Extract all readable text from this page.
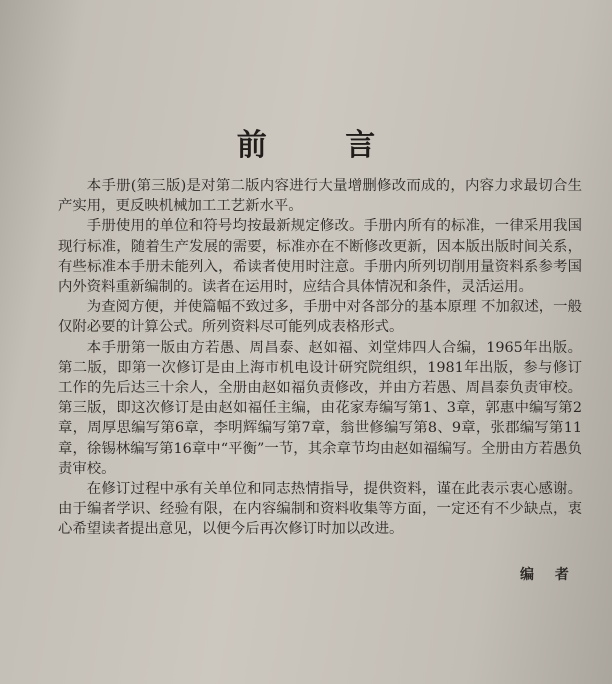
前 言

本手册(第三版)是对第二版内容进行大量增删修改而成的，内容力求最切合生产实用，更反映机械加工工艺新水平。

手册使用的单位和符号均按最新规定修改。手册内所有的标准，一律采用我国现行标准，随着生产发展的需要，标准亦在不断修改更新，因本版出版时间关系，有些标准本手册未能列入，希读者使用时注意。手册内所列切削用量资料系参考国内外资料重新编制的。读者在运用时，应结合具体情况和条件，灵活运用。

为查阅方便，并使篇幅不致过多，手册中对各部分的基本原理 不加叙述，一般仅附必要的计算公式。所列资料尽可能列成表格形式。

本手册第一版由方若愚、周昌泰、赵如福、刘堂炜四人合编，1965年出版。第二版，即第一次修订是由上海市机电设计研究院组织，1981年出版，参与修订工作的先后达三十余人，全册由赵如福负责修改，并由方若愚、周昌泰负责审校。第三版，即这次修订是由赵如福任主编，由花家寿编写第1、3章，郭惠中编写第2章，周厚思编写第6章，李明辉编写第7章，翁世修编写第8、9章，张郡编写第11章，徐锡林编写第16章中“平衡”一节，其余章节均由赵如福编写。全册由方若愚负责审校。

在修订过程中承有关单位和同志热情指导，提供资料，谨在此表示衷心感谢。由于编者学识、经验有限，在内容编制和资料收集等方面，一定还有不少缺点，衷心希望读者提出意见，以便今后再次修订时加以改进。

编 者
